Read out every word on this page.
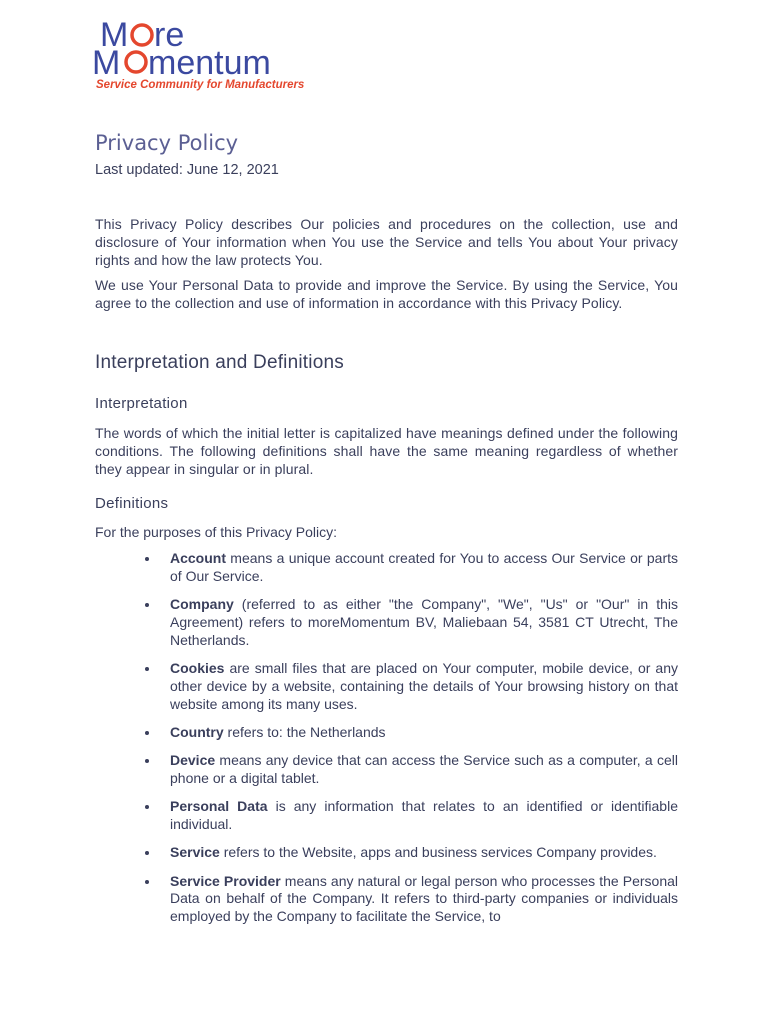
M re
M mentum
Service Community for Manufacturers
Privacy Policy
Last updated: June 12, 2021

This Privacy Policy describes Our policies and procedures on the collection, use and disclosure of Your information when You use the Service and tells You about Your privacy rights and how the law protects You.

We use Your Personal Data to provide and improve the Service. By using the Service, You agree to the collection and use of information in accordance with this Privacy Policy.

Interpretation and Definitions
Interpretation

The words of which the initial letter is capitalized have meanings defined under the following conditions. The following definitions shall have the same meaning regardless of whether they appear in singular or in plural.

Definitions
For the purposes of this Privacy Policy:
Account means a unique account created for You to access Our Service or parts of Our Service.
Company (referred to as either "the Company", "We", "Us" or "Our" in this Agreement) refers to moreMomentum BV, Maliebaan 54, 3581 CT Utrecht, The Netherlands.
Cookies are small files that are placed on Your computer, mobile device, or any other device by a website, containing the details of Your browsing history on that website among its many uses.
Country refers to: the Netherlands
Device means any device that can access the Service such as a computer, a cell phone or a digital tablet.
Personal Data is any information that relates to an identified or identifiable individual.
Service refers to the Website, apps and business services Company provides.
Service Provider means any natural or legal person who processes the Personal Data on behalf of the Company. It refers to third-party companies or individuals employed by the Company to facilitate the Service, to
